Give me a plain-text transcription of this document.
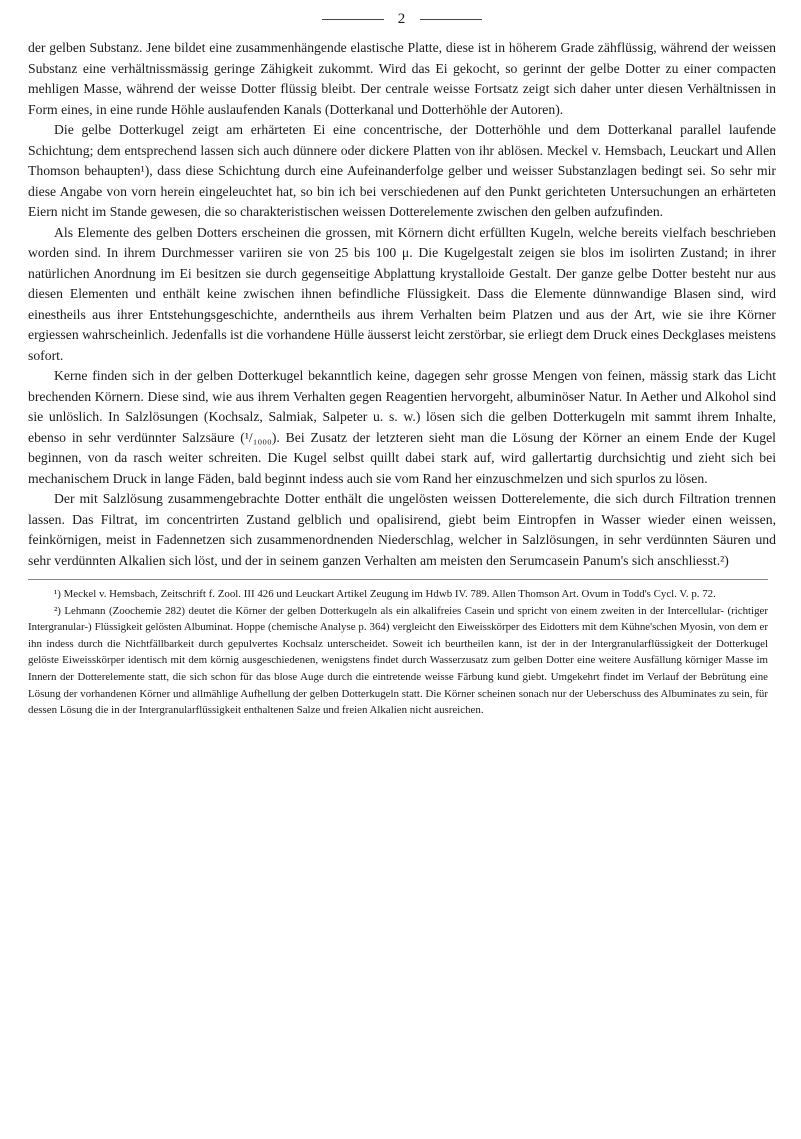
2

der gelben Substanz. Jene bildet eine zusammenhängende elastische Platte, diese ist in höherem Grade zähflüssig, während der weissen Substanz eine verhältnissmässig geringe Zähigkeit zukommt. Wird das Ei gekocht, so gerinnt der gelbe Dotter zu einer compacten mehligen Masse, während der weisse Dotter flüssig bleibt. Der centrale weisse Fortsatz zeigt sich daher unter diesen Verhältnissen in Form eines, in eine runde Höhle auslaufenden Kanals (Dotterkanal und Dotterhöhle der Autoren).

Die gelbe Dotterkugel zeigt am erhärteten Ei eine concentrische, der Dotterhöhle und dem Dotterkanal parallel laufende Schichtung; dem entsprechend lassen sich auch dünnere oder dickere Platten von ihr ablösen. Meckel v. Hemsbach, Leuckart und Allen Thomson behaupten¹), dass diese Schichtung durch eine Aufeinanderfolge gelber und weisser Substanzlagen bedingt sei. So sehr mir diese Angabe von vorn herein eingeleuchtet hat, so bin ich bei verschiedenen auf den Punkt gerichteten Untersuchungen an erhärteten Eiern nicht im Stande gewesen, die so charakteristischen weissen Dotterelemente zwischen den gelben aufzufinden.

Als Elemente des gelben Dotters erscheinen die grossen, mit Körnern dicht erfüllten Kugeln, welche bereits vielfach beschrieben worden sind. In ihrem Durchmesser variiren sie von 25 bis 100 μ. Die Kugelgestalt zeigen sie blos im isolirten Zustand; in ihrer natürlichen Anordnung im Ei besitzen sie durch gegenseitige Abplattung krystalloide Gestalt. Der ganze gelbe Dotter besteht nur aus diesen Elementen und enthält keine zwischen ihnen befindliche Flüssigkeit. Dass die Elemente dünnwandige Blasen sind, wird einestheils aus ihrer Entstehungsgeschichte, anderntheils aus ihrem Verhalten beim Platzen und aus der Art, wie sie ihre Körner ergiessen wahrscheinlich. Jedenfalls ist die vorhandene Hülle äusserst leicht zerstörbar, sie erliegt dem Druck eines Deckglases meistens sofort.

Kerne finden sich in der gelben Dotterkugel bekanntlich keine, dagegen sehr grosse Mengen von feinen, mässig stark das Licht brechenden Körnern. Diese sind, wie aus ihrem Verhalten gegen Reagentien hervorgeht, albuminöser Natur. In Aether und Alkohol sind sie unlöslich. In Salzlösungen (Kochsalz, Salmiak, Salpeter u. s. w.) lösen sich die gelben Dotterkugeln mit sammt ihrem Inhalte, ebenso in sehr verdünnter Salzsäure (¹/₁₀₀₀). Bei Zusatz der letzteren sieht man die Lösung der Körner an einem Ende der Kugel beginnen, von da rasch weiter schreiten. Die Kugel selbst quillt dabei stark auf, wird gallertartig durchsichtig und zieht sich bei mechanischem Druck in lange Fäden, bald beginnt indess auch sie vom Rand her einzuschmelzen und sich spurlos zu lösen.

Der mit Salzlösung zusammengebrachte Dotter enthält die ungelösten weissen Dotterelemente, die sich durch Filtration trennen lassen. Das Filtrat, im concentrirten Zustand gelblich und opalisirend, giebt beim Eintropfen in Wasser wieder einen weissen, feinkörnigen, meist in Fadennetzen sich zusammenordnenden Niederschlag, welcher in Salzlösungen, in sehr verdünnten Säuren und sehr verdünnten Alkalien sich löst, und der in seinem ganzen Verhalten am meisten den Serumcasein Panum's sich anschliesst.²)

¹) Meckel v. Hemsbach, Zeitschrift f. Zool. III 426 und Leuckart Artikel Zeugung im Hdwb IV. 789. Allen Thomson Art. Ovum in Todd's Cycl. V. p. 72.

²) Lehmann (Zoochemie 282) deutet die Körner der gelben Dotterkugeln als ein alkalifreies Casein und spricht von einem zweiten in der Intercellular- (richtiger Intergranular-) Flüssigkeit gelösten Albuminat. Hoppe (chemische Analyse p. 364) vergleicht den Eiweisskörper des Eidotters mit dem Kühne'schen Myosin, von dem er ihn indess durch die Nichtfällbarkeit durch gepulvertes Kochsalz unterscheidet. Soweit ich beurtheilen kann, ist der in der Intergranularflüssigkeit der Dotterkugel gelöste Eiweisskörper identisch mit dem körnig ausgeschiedenen, wenigstens findet durch Wasserzusatz zum gelben Dotter eine weitere Ausfällung körniger Masse im Innern der Dotterelemente statt, die sich schon für das blose Auge durch die eintretende weisse Färbung kund giebt. Umgekehrt findet im Verlauf der Bebrütung eine Lösung der vorhandenen Körner und allmählige Aufhellung der gelben Dotterkugeln statt. Die Körner scheinen sonach nur der Ueberschuss des Albuminates zu sein, für dessen Lösung die in der Intergranularflüssigkeit enthaltenen Salze und freien Alkalien nicht ausreichen.
